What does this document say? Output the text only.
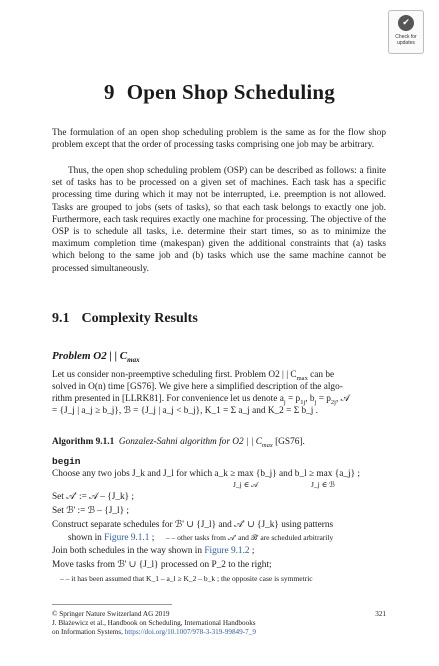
✔
Check for
updates
9 Open Shop Scheduling

The formulation of an open shop scheduling problem is the same as for the flow shop problem except that the order of processing tasks comprising one job may be arbitrary.

Thus, the open shop scheduling problem (OSP) can be described as follows: a finite set of tasks has to be processed on a given set of machines. Each task has a specific processing time during which it may not be interrupted, i.e. preemption is not allowed. Tasks are grouped to jobs (sets of tasks), so that each task belongs to exactly one job. Furthermore, each task requires exactly one machine for processing. The objective of the OSP is to schedule all tasks, i.e. determine their start times, so as to minimize the maximum completion time (makespan) given the additional constraints that (a) tasks which belong to the same job and (b) tasks which use the same machine cannot be processed simultaneously.

9.1 Complexity Results
Problem O2 | | $C_{max}$
Let us consider non-preemptive scheduling first. Problem O2 | | $C_{max}$ can be
solved in O(n) time [GS76]. We give here a simplified description of the algo-
rithm presented in [LLRK81]. For convenience let us denote $a_j = p_{1j}$, $b_j = p_{2j}$, 𝒜
= {J_j | a_j ≥ b_j}, ℬ = {J_j | a_j < b_j}, K_1 = Σ a_j and K_2 = Σ b_j .
Algorithm 9.1.1 Gonzalez-Sahni algorithm for O2 | | $C_{max}$ [GS76].
begin
Choose any two jobs J_k and J_l for which a_k ≥ max {b_j} and b_l ≥ max {a_j} ;
J_j ∈ 𝒜	J_j ∈ ℬ
Set 𝒜' := 𝒜 – {J_k} ;
Set ℬ' := ℬ – {J_l} ;
Construct separate schedules for ℬ' ∪ {J_l} and 𝒜' ∪ {J_k} using patterns
shown in Figure 9.1.1 ; – – other tasks from 𝒜' and ℬ' are scheduled arbitrarily
Join both schedules in the way shown in Figure 9.1.2 ;
Move tasks from ℬ' ∪ {J_l} processed on P_2 to the right;
– – it has been assumed that K_1 – a_l ≥ K_2 – b_k ; the opposite case is symmetric
© Springer Nature Switzerland AG 2019
J. Błażewicz et al., Handbook on Scheduling, International Handbooks
on Information Systems, https://doi.org/10.1007/978-3-319-99849-7_9
321
